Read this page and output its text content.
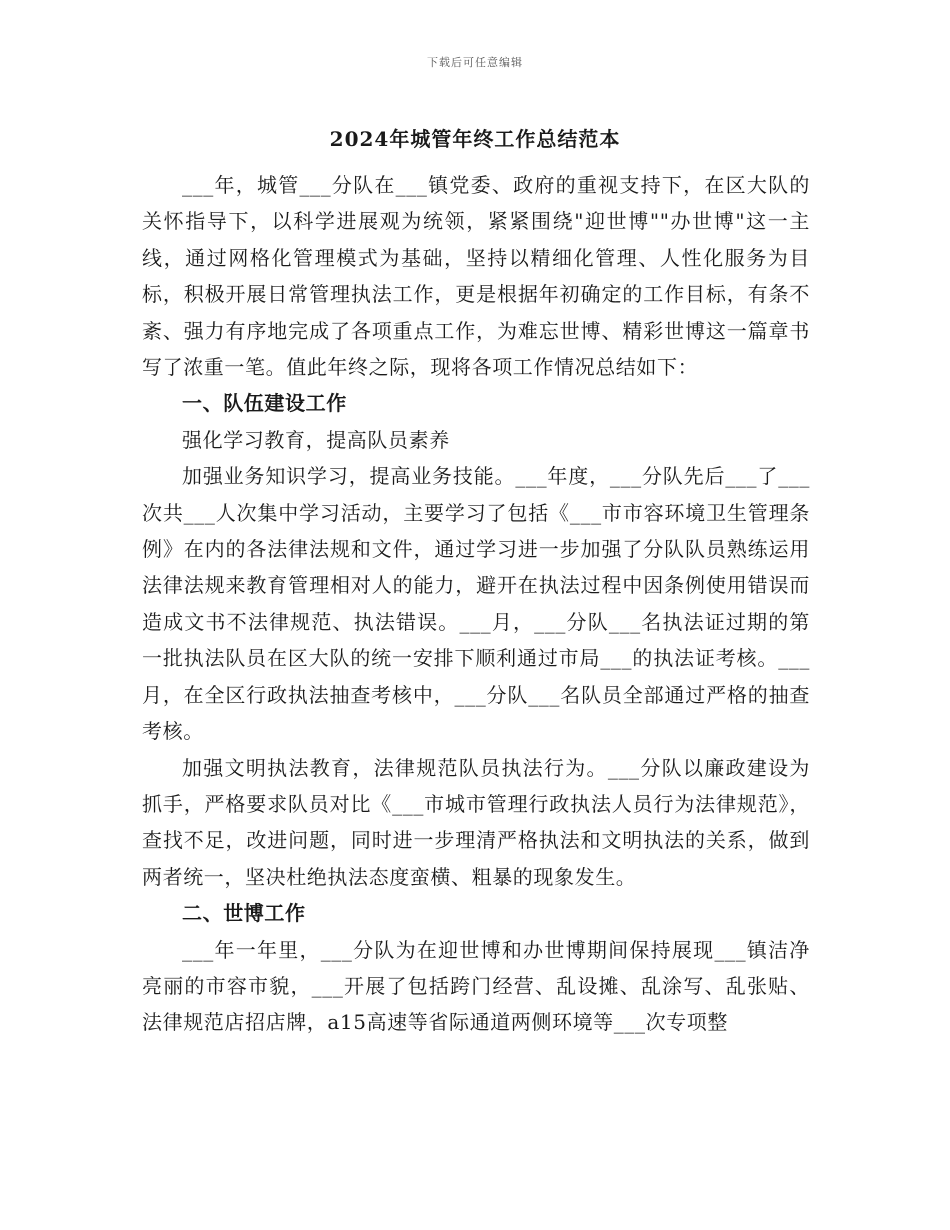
下载后可任意编辑
2024年城管年终工作总结范本

___年，城管___分队在___镇党委、政府的重视支持下，在区大队的关怀指导下，以科学进展观为统领，紧紧围绕"迎世博""办世博"这一主线，通过网格化管理模式为基础，坚持以精细化管理、人性化服务为目标，积极开展日常管理执法工作，更是根据年初确定的工作目标，有条不紊、强力有序地完成了各项重点工作，为难忘世博、精彩世博这一篇章书写了浓重一笔。值此年终之际，现将各项工作情况总结如下：

一、队伍建设工作

强化学习教育，提高队员素养

加强业务知识学习，提高业务技能。___年度，___分队先后___了___次共___人次集中学习活动，主要学习了包括《___市市容环境卫生管理条例》在内的各法律法规和文件，通过学习进一步加强了分队队员熟练运用法律法规来教育管理相对人的能力，避开在执法过程中因条例使用错误而造成文书不法律规范、执法错误。___月，___分队___名执法证过期的第一批执法队员在区大队的统一安排下顺利通过市局___的执法证考核。___月，在全区行政执法抽查考核中，___分队___名队员全部通过严格的抽查考核。

加强文明执法教育，法律规范队员执法行为。___分队以廉政建设为抓手，严格要求队员对比《___市城市管理行政执法人员行为法律规范》，查找不足，改进问题，同时进一步理清严格执法和文明执法的关系，做到两者统一，坚决杜绝执法态度蛮横、粗暴的现象发生。

二、世博工作

___年一年里，___分队为在迎世博和办世博期间保持展现___镇洁净亮丽的市容市貌，___开展了包括跨门经营、乱设摊、乱涂写、乱张贴、法律规范店招店牌，a15高速等省际通道两侧环境等___次专项整
